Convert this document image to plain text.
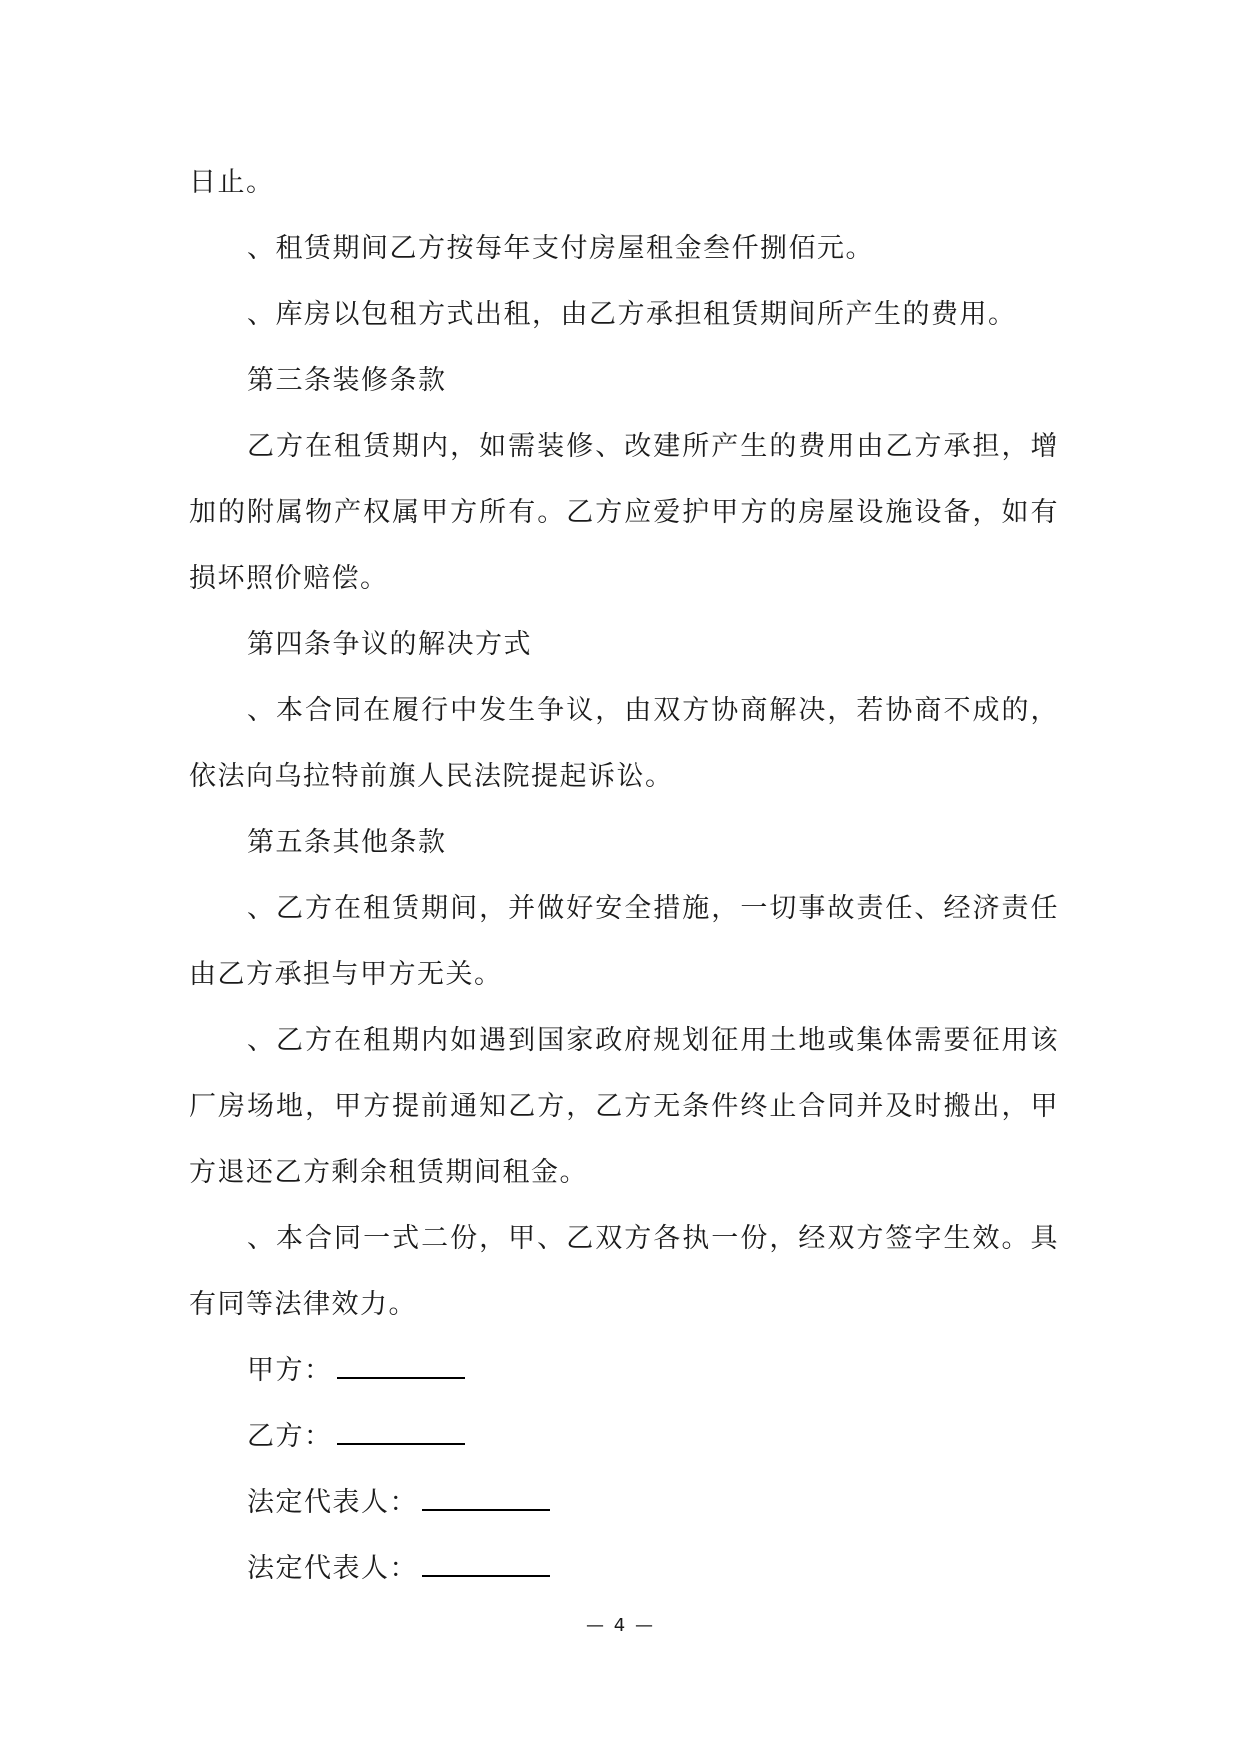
日止。

、租赁期间乙方按每年支付房屋租金叁仟捌佰元。

、库房以包租方式出租，由乙方承担租赁期间所产生的费用。

第三条装修条款

乙方在租赁期内，如需装修、改建所产生的费用由乙方承担，增加的附属物产权属甲方所有。乙方应爱护甲方的房屋设施设备，如有损坏照价赔偿。

第四条争议的解决方式

、本合同在履行中发生争议，由双方协商解决，若协商不成的，依法向乌拉特前旗人民法院提起诉讼。

第五条其他条款

、乙方在租赁期间，并做好安全措施，一切事故责任、经济责任由乙方承担与甲方无关。

、乙方在租期内如遇到国家政府规划征用土地或集体需要征用该厂房场地，甲方提前通知乙方，乙方无条件终止合同并及时搬出，甲方退还乙方剩余租赁期间租金。

、本合同一式二份，甲、乙双方各执一份，经双方签字生效。具有同等法律效力。

甲方：
乙方：
法定代表人：
法定代表人：
— 4 —
